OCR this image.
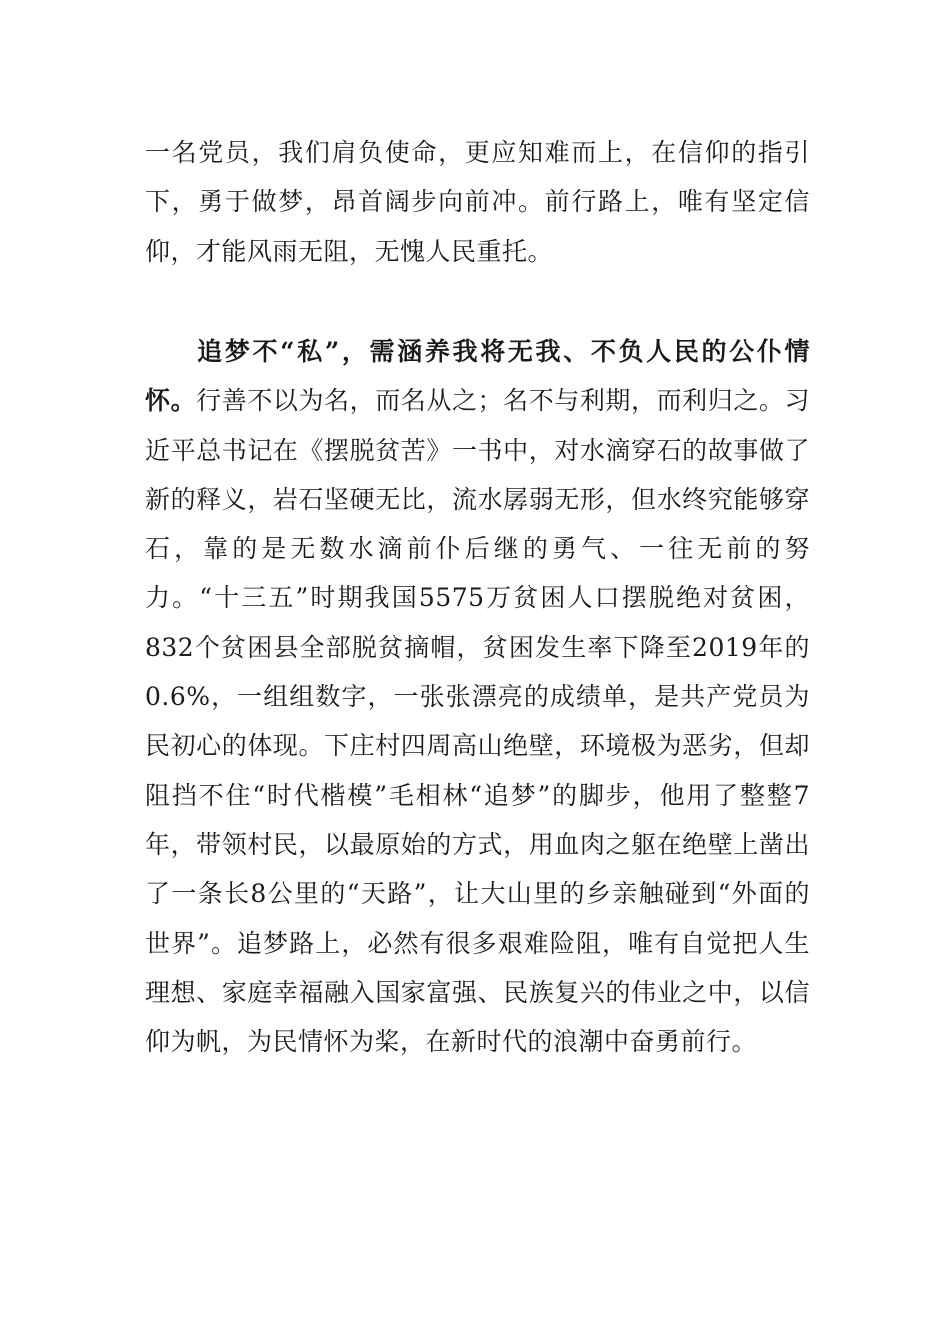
一名党员，我们肩负使命，更应知难而上，在信仰的指引下，勇于做梦，昂首阔步向前冲。前行路上，唯有坚定信仰，才能风雨无阻，无愧人民重托。

追梦不“私”，需涵养我将无我、不负人民的公仆情怀。行善不以为名，而名从之；名不与利期，而利归之。习近平总书记在《摆脱贫苦》一书中，对水滴穿石的故事做了新的释义，岩石坚硬无比，流水孱弱无形，但水终究能够穿石，靠的是无数水滴前仆后继的勇气、一往无前的努力。“十三五”时期我国5575万贫困人口摆脱绝对贫困，832个贫困县全部脱贫摘帽，贫困发生率下降至2019年的0.6%，一组组数字，一张张漂亮的成绩单，是共产党员为民初心的体现。下庄村四周高山绝壁，环境极为恶劣，但却阻挡不住“时代楷模”毛相林“追梦”的脚步，他用了整整7年，带领村民，以最原始的方式，用血肉之躯在绝壁上凿出了一条长8公里的“天路”，让大山里的乡亲触碰到“外面的世界”。追梦路上，必然有很多艰难险阻，唯有自觉把人生理想、家庭幸福融入国家富强、民族复兴的伟业之中，以信仰为帆，为民情怀为桨，在新时代的浪潮中奋勇前行。
